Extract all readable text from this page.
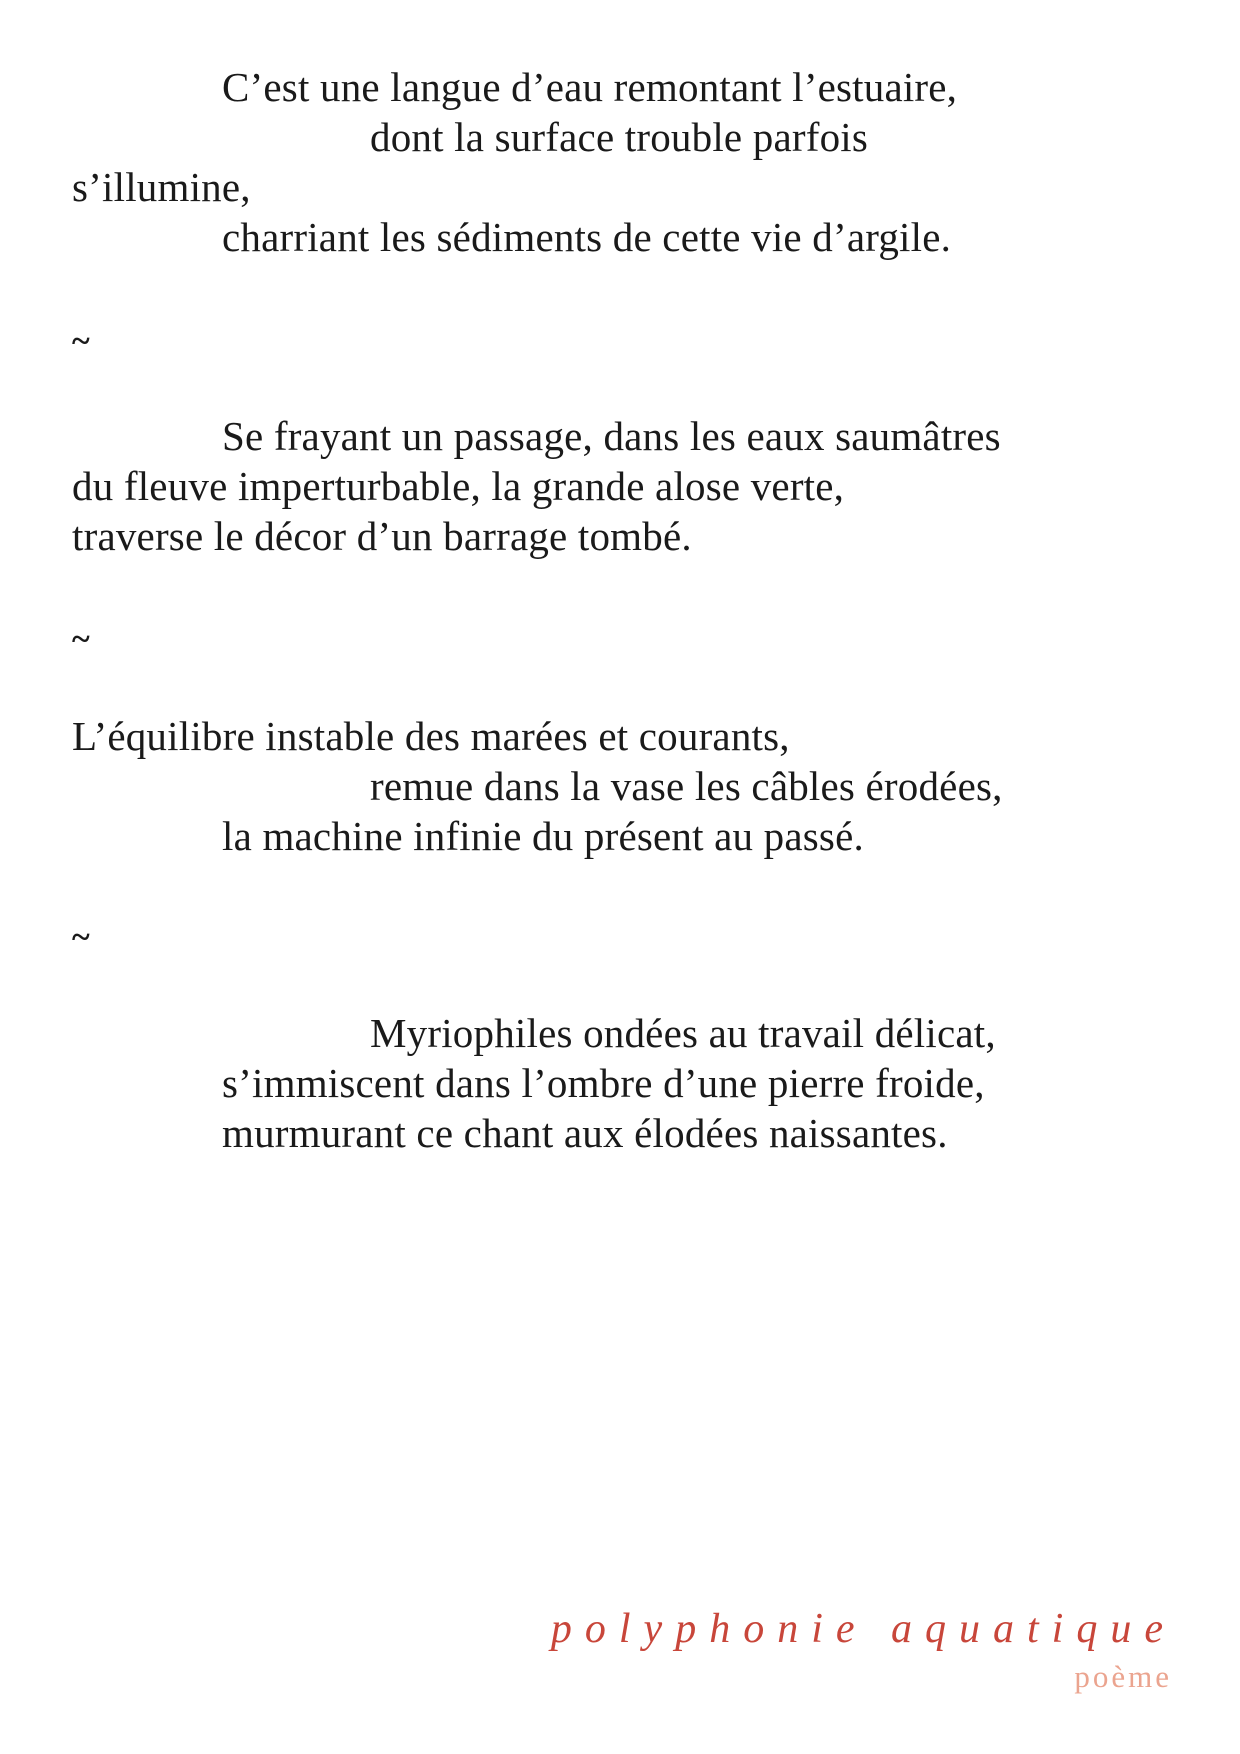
C’est une langue d’eau remontant l’estuaire,
dont la surface trouble parfois
s’illumine,
charriant les sédiments de cette vie d’argile.
~
Se frayant un passage, dans les eaux saumâtres
du fleuve imperturbable, la grande alose verte,
traverse le décor d’un barrage tombé.
~
L’équilibre instable des marées et courants,
remue dans la vase les câbles érodées,
la machine infinie du présent au passé.
~
Myriophiles ondées au travail délicat,
s’immiscent dans l’ombre d’une pierre froide,
murmurant ce chant aux élodées naissantes.
polyphonie aquatique
poème
